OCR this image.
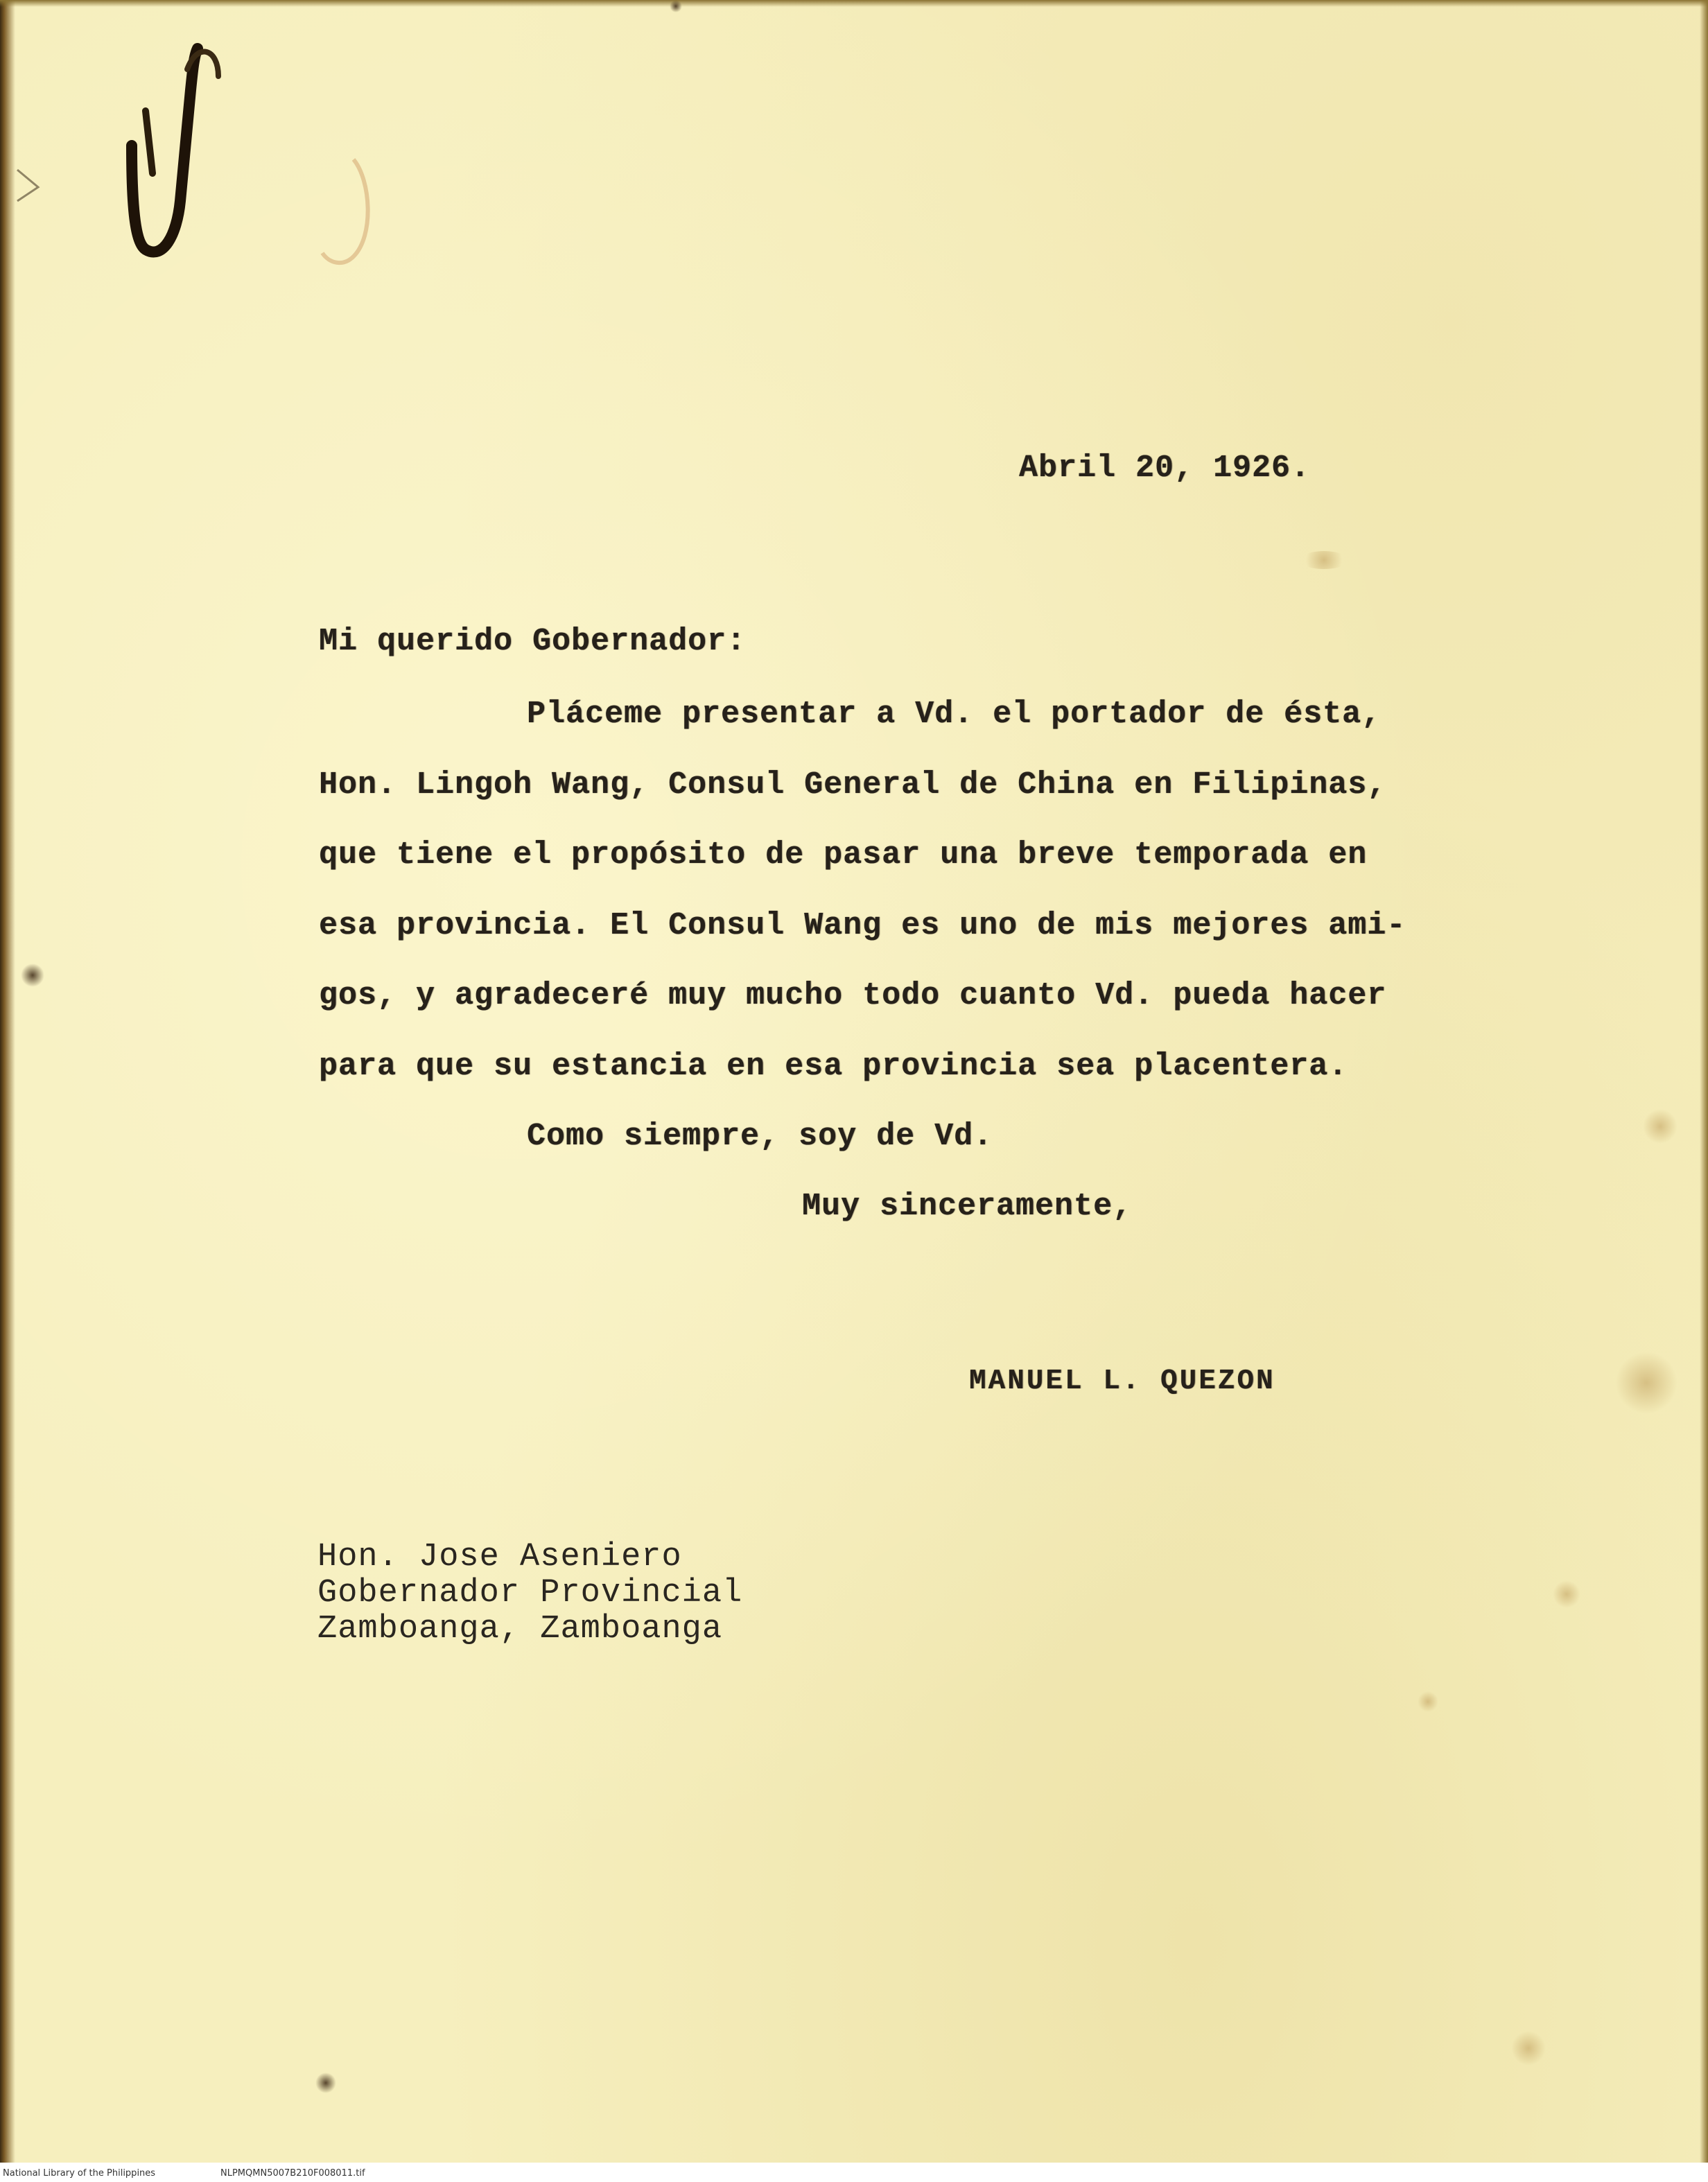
Abril 20, 1926.
Mi querido Gobernador:
Pláceme presentar a Vd. el portador de ésta,
Hon. Lingoh Wang, Consul General de China en Filipinas,
que tiene el propósito de pasar una breve temporada en
esa provincia. El Consul Wang es uno de mis mejores ami-
gos, y agradeceré muy mucho todo cuanto Vd. pueda hacer
para que su estancia en esa provincia sea placentera.
Como siempre, soy de Vd.
Muy sinceramente,
MANUEL L. QUEZON
Hon. Jose Aseniero
Gobernador Provincial
Zamboanga, Zamboanga
National Library of the Philippines	NLPMQMN5007B210F008011.tif
